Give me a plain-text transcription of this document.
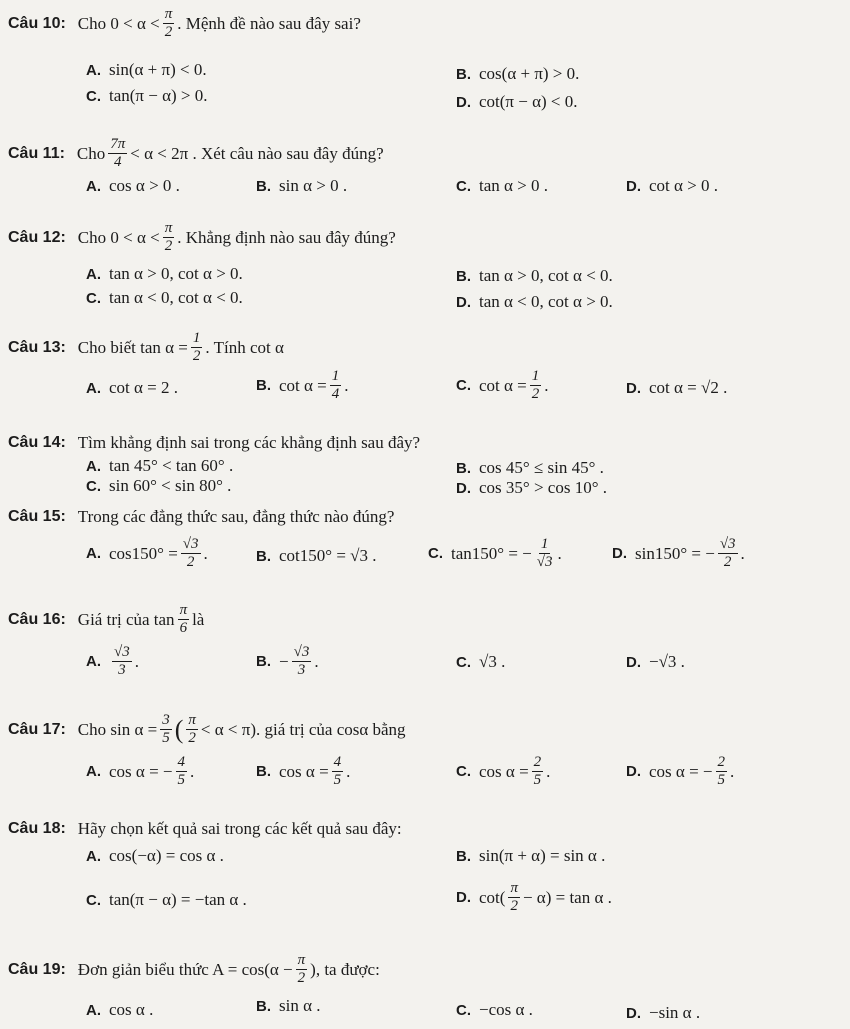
Câu 10: Cho $0 < \alpha < \frac{\pi}{2}$ . Mệnh đề nào sau đây sai?
A. sin(α + π) < 0.	B. cos(α + π) > 0.
C. tan(π − α) > 0.	D. cot(π − α) < 0.
Câu 11: Cho $\frac{7\pi}{4} < \alpha < 2\pi$ . Xét câu nào sau đây đúng?
A. cos α > 0 .	B. sin α > 0 .	C. tan α > 0 .	D. cot α > 0 .
Câu 12: Cho $0 < \alpha < \frac{\pi}{2}$ . Khẳng định nào sau đây đúng?
A. tan α > 0, cot α > 0.	B. tan α > 0, cot α < 0.
C. tan α < 0, cot α < 0.	D. tan α < 0, cot α > 0.
Câu 13: Cho biết $\tan \alpha = \frac{1}{2}$ . Tính cot α
A. cot α = 2 .	B. $\cot \alpha = \frac{1}{4}$ .	C. $\cot \alpha = \frac{1}{2}$ .	D. cot α = √2 .
Câu 14: Tìm khẳng định sai trong các khẳng định sau đây?
A. tan 45° < tan 60° .	B. cos 45° ≤ sin 45° .
C. sin 60° < sin 80° .	D. cos 35° > cos 10° .
Câu 15: Trong các đẳng thức sau, đẳng thức nào đúng?
A. $\cos 150^\circ = \frac{√3}{2}$ .	B. cot150° = √3 .	C. tan150° = − $\frac{1}{√3}$ .	D. sin150° = − $\frac{√3}{2}$ .
Câu 16: Giá trị của $\tan \frac{\pi}{6}$ là
A. $\frac{√3}{3}$ .	B. − $\frac{√3}{3}$ .	C. √3 .	D. −√3 .
Câu 17: Cho $\sin \alpha = \frac{3}{5}$ ( $\frac{\pi}{2} < \alpha < \pi$). giá trị của cosα bằng
A. cos α = − $\frac{4}{5}$ .	B. $\cos \alpha = \frac{4}{5}$ .	C. $\cos \alpha = \frac{2}{5}$ .	D. cos α = − $\frac{2}{5}$ .
Câu 18: Hãy chọn kết quả sai trong các kết quả sau đây:
A. cos(−α) = cos α .	B. sin(π + α) = sin α .
C. tan(π − α) = −tan α .	D. $\cot( \frac{\pi}{2} - \alpha) = \tan \alpha$ .
Câu 19: Đơn giản biểu thức $A = \cos(\alpha - \frac{\pi}{2}$ ), ta được:
A. cos α .	B. sin α .	C. −cos α .	D. −sin α .
